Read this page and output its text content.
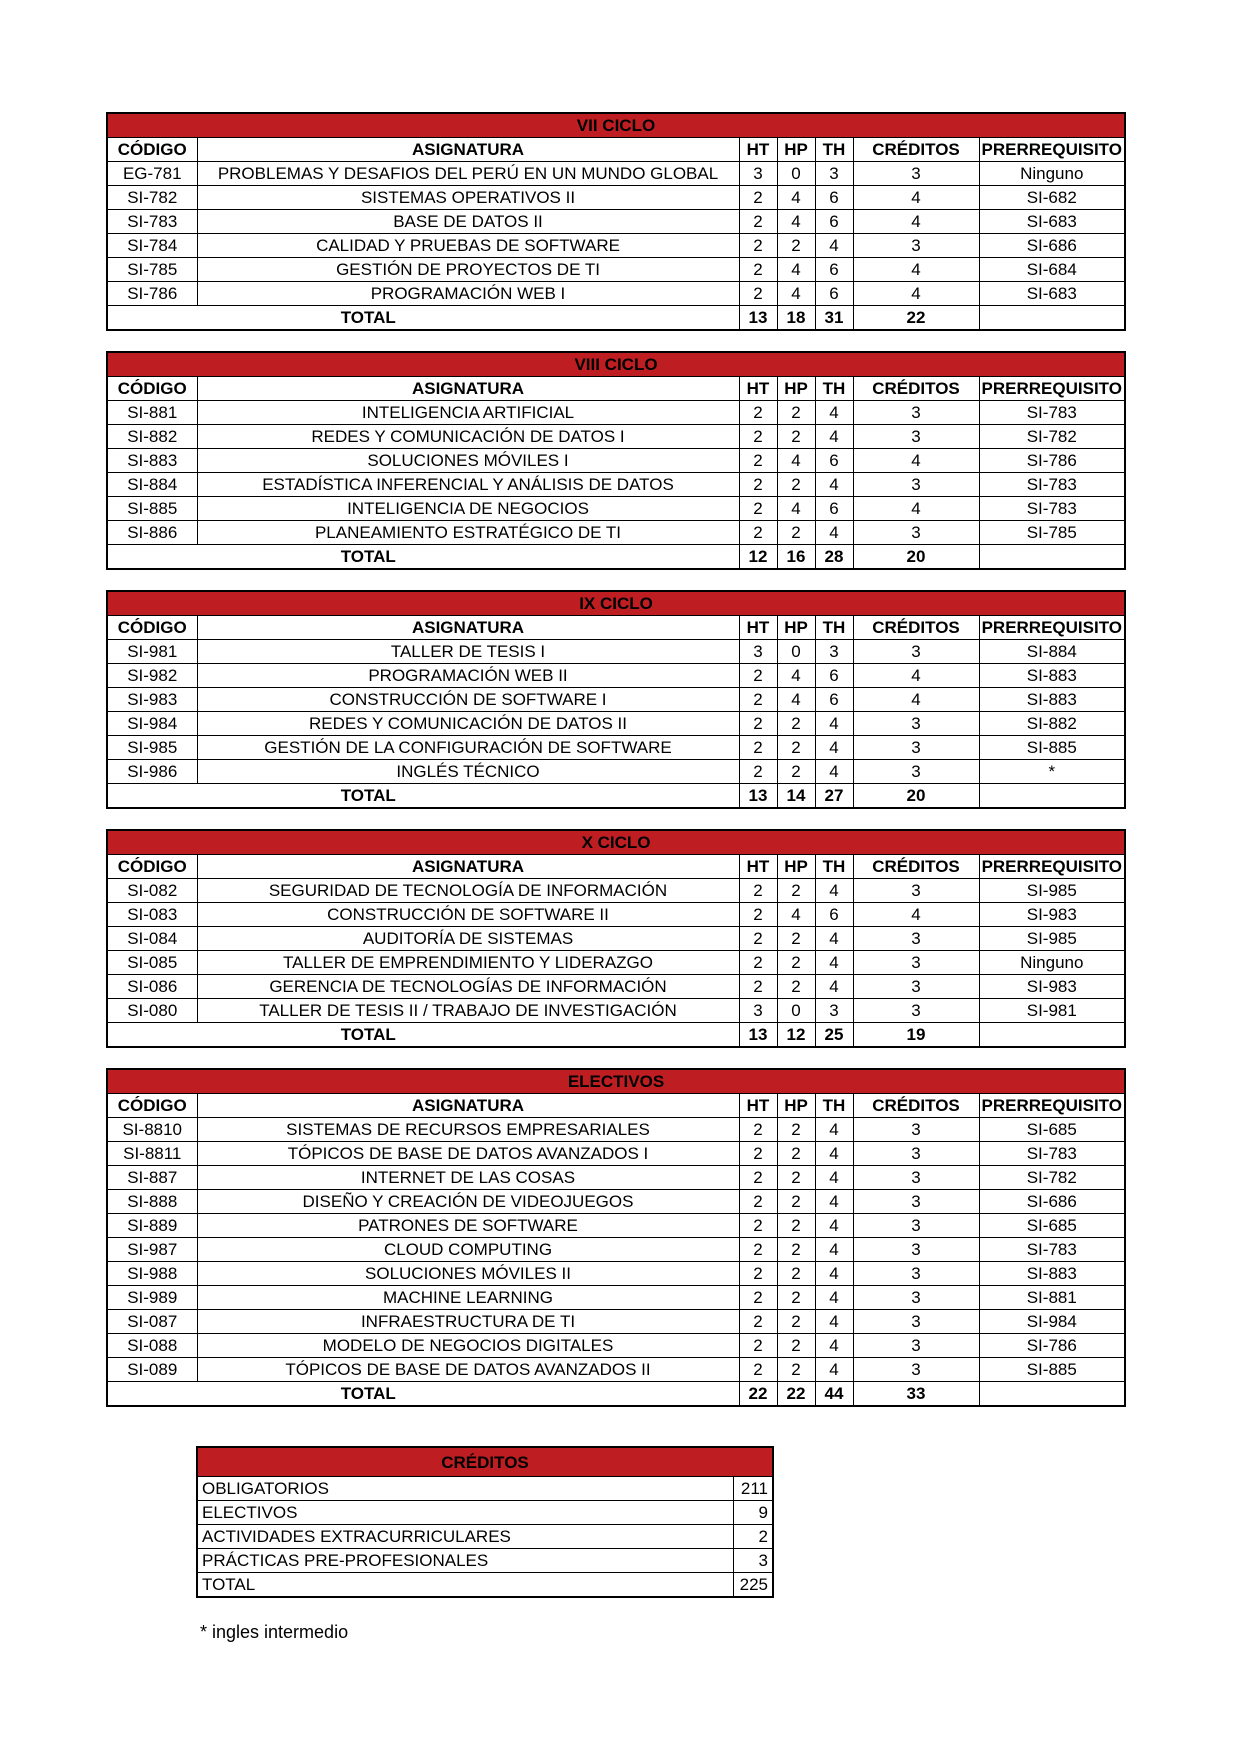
VII CICLO						
CÓDIGO	ASIGNATURA	HT	HP	TH	CRÉDITOS	PRERREQUISITO
EG-781	PROBLEMAS Y DESAFIOS DEL PERÚ EN UN MUNDO GLOBAL	3	0	3	3	Ninguno
SI-782	SISTEMAS OPERATIVOS II	2	4	6	4	SI-682
SI-783	BASE DE DATOS II	2	4	6	4	SI-683
SI-784	CALIDAD Y PRUEBAS DE SOFTWARE	2	2	4	3	SI-686
SI-785	GESTIÓN DE PROYECTOS DE TI	2	4	6	4	SI-684
SI-786	PROGRAMACIÓN WEB I	2	4	6	4	SI-683
TOTAL		13	18	31	22	
VIII CICLO						
CÓDIGO	ASIGNATURA	HT	HP	TH	CRÉDITOS	PRERREQUISITO
SI-881	INTELIGENCIA ARTIFICIAL	2	2	4	3	SI-783
SI-882	REDES Y COMUNICACIÓN DE DATOS I	2	2	4	3	SI-782
SI-883	SOLUCIONES MÓVILES I	2	4	6	4	SI-786
SI-884	ESTADÍSTICA INFERENCIAL Y ANÁLISIS DE DATOS	2	2	4	3	SI-783
SI-885	INTELIGENCIA DE NEGOCIOS	2	4	6	4	SI-783
SI-886	PLANEAMIENTO ESTRATÉGICO DE TI	2	2	4	3	SI-785
TOTAL		12	16	28	20	
IX CICLO						
CÓDIGO	ASIGNATURA	HT	HP	TH	CRÉDITOS	PRERREQUISITO
SI-981	TALLER DE TESIS I	3	0	3	3	SI-884
SI-982	PROGRAMACIÓN WEB II	2	4	6	4	SI-883
SI-983	CONSTRUCCIÓN DE SOFTWARE I	2	4	6	4	SI-883
SI-984	REDES Y COMUNICACIÓN DE DATOS II	2	2	4	3	SI-882
SI-985	GESTIÓN DE LA CONFIGURACIÓN DE SOFTWARE	2	2	4	3	SI-885
SI-986	INGLÉS TÉCNICO	2	2	4	3	*
TOTAL		13	14	27	20	
X CICLO						
CÓDIGO	ASIGNATURA	HT	HP	TH	CRÉDITOS	PRERREQUISITO
SI-082	SEGURIDAD DE TECNOLOGÍA DE INFORMACIÓN	2	2	4	3	SI-985
SI-083	CONSTRUCCIÓN DE SOFTWARE II	2	4	6	4	SI-983
SI-084	AUDITORÍA DE SISTEMAS	2	2	4	3	SI-985
SI-085	TALLER DE EMPRENDIMIENTO Y LIDERAZGO	2	2	4	3	Ninguno
SI-086	GERENCIA DE TECNOLOGÍAS DE INFORMACIÓN	2	2	4	3	SI-983
SI-080	TALLER DE TESIS II / TRABAJO DE INVESTIGACIÓN	3	0	3	3	SI-981
TOTAL		13	12	25	19	
ELECTIVOS						
CÓDIGO	ASIGNATURA	HT	HP	TH	CRÉDITOS	PRERREQUISITO
SI-8810	SISTEMAS DE RECURSOS EMPRESARIALES	2	2	4	3	SI-685
SI-8811	TÓPICOS DE BASE DE DATOS AVANZADOS I	2	2	4	3	SI-783
SI-887	INTERNET DE LAS COSAS	2	2	4	3	SI-782
SI-888	DISEÑO Y CREACIÓN DE VIDEOJUEGOS	2	2	4	3	SI-686
SI-889	PATRONES DE SOFTWARE	2	2	4	3	SI-685
SI-987	CLOUD COMPUTING	2	2	4	3	SI-783
SI-988	SOLUCIONES MÓVILES II	2	2	4	3	SI-883
SI-989	MACHINE LEARNING	2	2	4	3	SI-881
SI-087	INFRAESTRUCTURA DE TI	2	2	4	3	SI-984
SI-088	MODELO DE NEGOCIOS DIGITALES	2	2	4	3	SI-786
SI-089	TÓPICOS DE BASE DE DATOS AVANZADOS II	2	2	4	3	SI-885
TOTAL		22	22	44	33	
CRÉDITOS	
OBLIGATORIOS	211
ELECTIVOS	9
ACTIVIDADES EXTRACURRICULARES	2
PRÁCTICAS PRE-PROFESIONALES	3
TOTAL	225
* ingles intermedio
